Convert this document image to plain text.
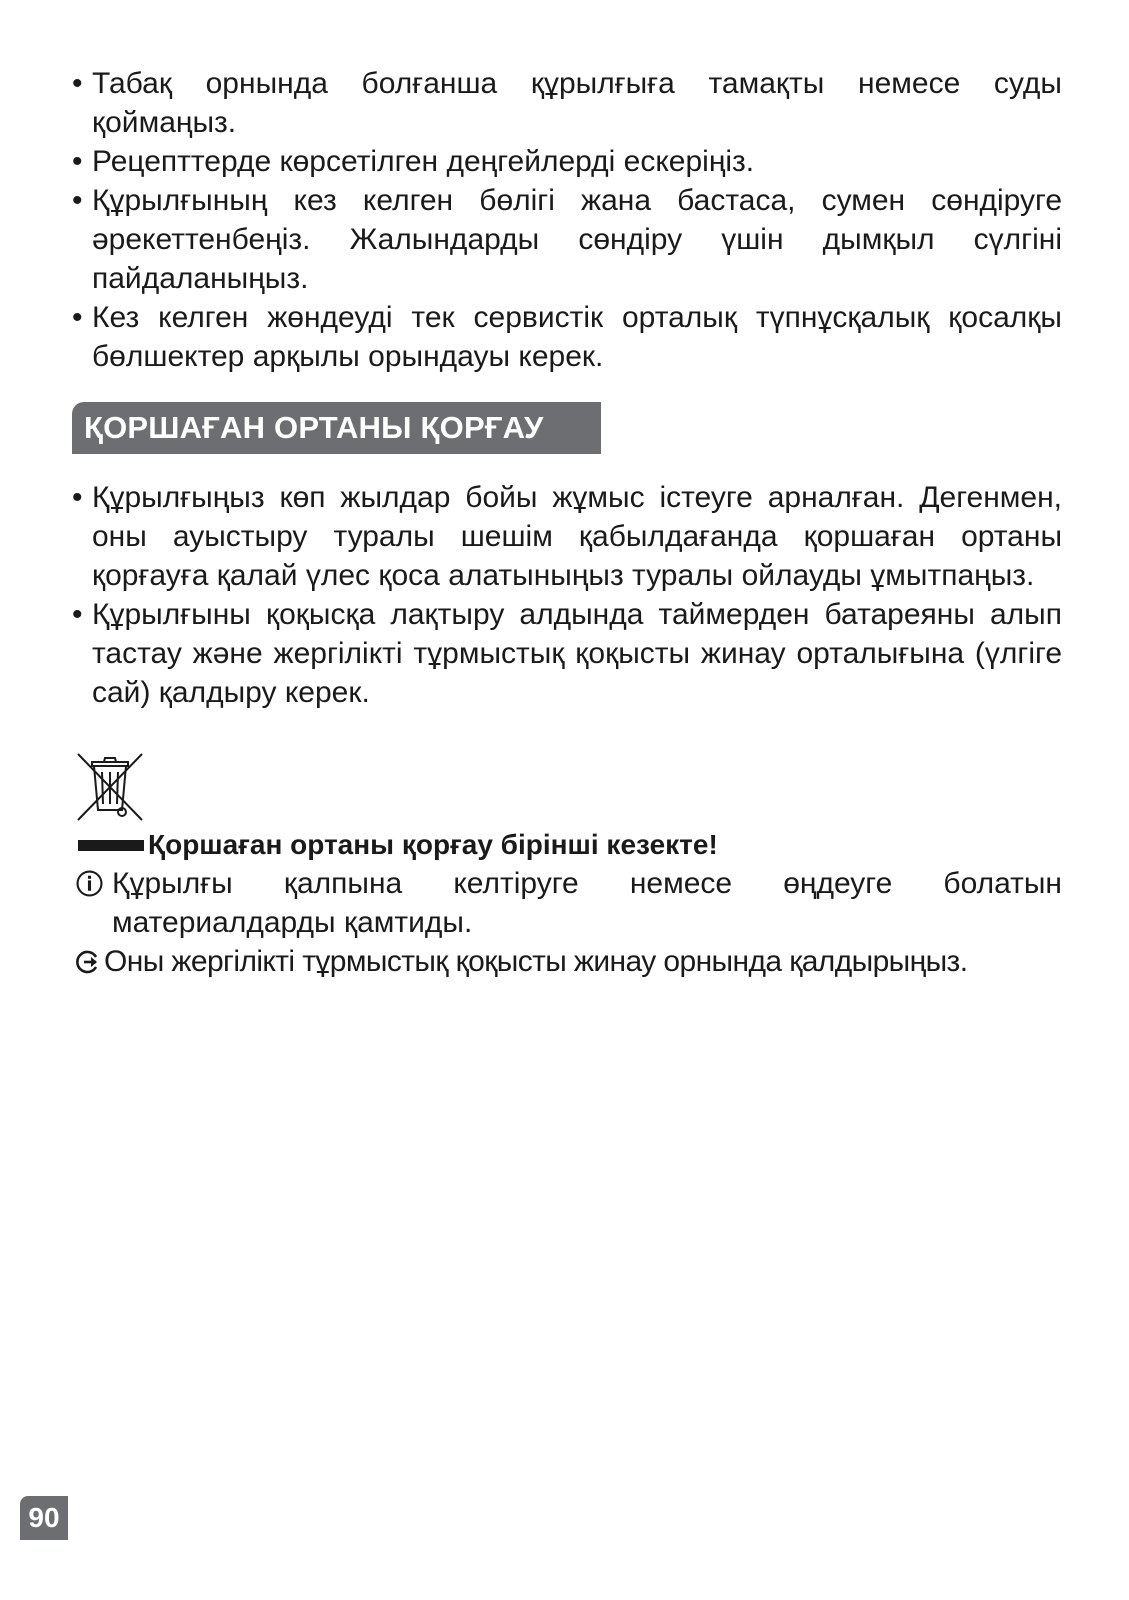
• Табақ орнында болғанша құрылғыға тамақты немесе суды қоймаңыз.
• Рецепттерде көрсетілген деңгейлерді ескеріңіз.
• Құрылғының кез келген бөлігі жана бастаса, сумен сөндіруге әрекеттенбеңіз. Жалындарды сөндіру үшін дымқыл сүлгіні пайдаланыңыз.
• Кез келген жөндеуді тек сервистік орталық түпнұсқалық қосалқы бөлшектер арқылы орындауы керек.
ҚОРШАҒАН ОРТАНЫ ҚОРҒАУ
• Құрылғыңыз көп жылдар бойы жұмыс істеуге арналған. Дегенмен, оны ауыстыру туралы шешім қабылдағанда қоршаған ортаны қорғауға қалай үлес қоса алатыныңыз туралы ойлауды ұмытпаңыз.
• Құрылғыны қоқысқа лақтыру алдында таймерден батареяны алып тастау және жергілікті тұрмыстық қоқысты жинау орталығына (үлгіге сай) қалдыру керек.
Қоршаған ортаны қорғау бірінші кезекте!
Құрылғы қалпына келтіруге немесе өңдеуге болатын материалдарды қамтиды.
Оны жергілікті тұрмыстық қоқысты жинау орнында қалдырыңыз.
90
